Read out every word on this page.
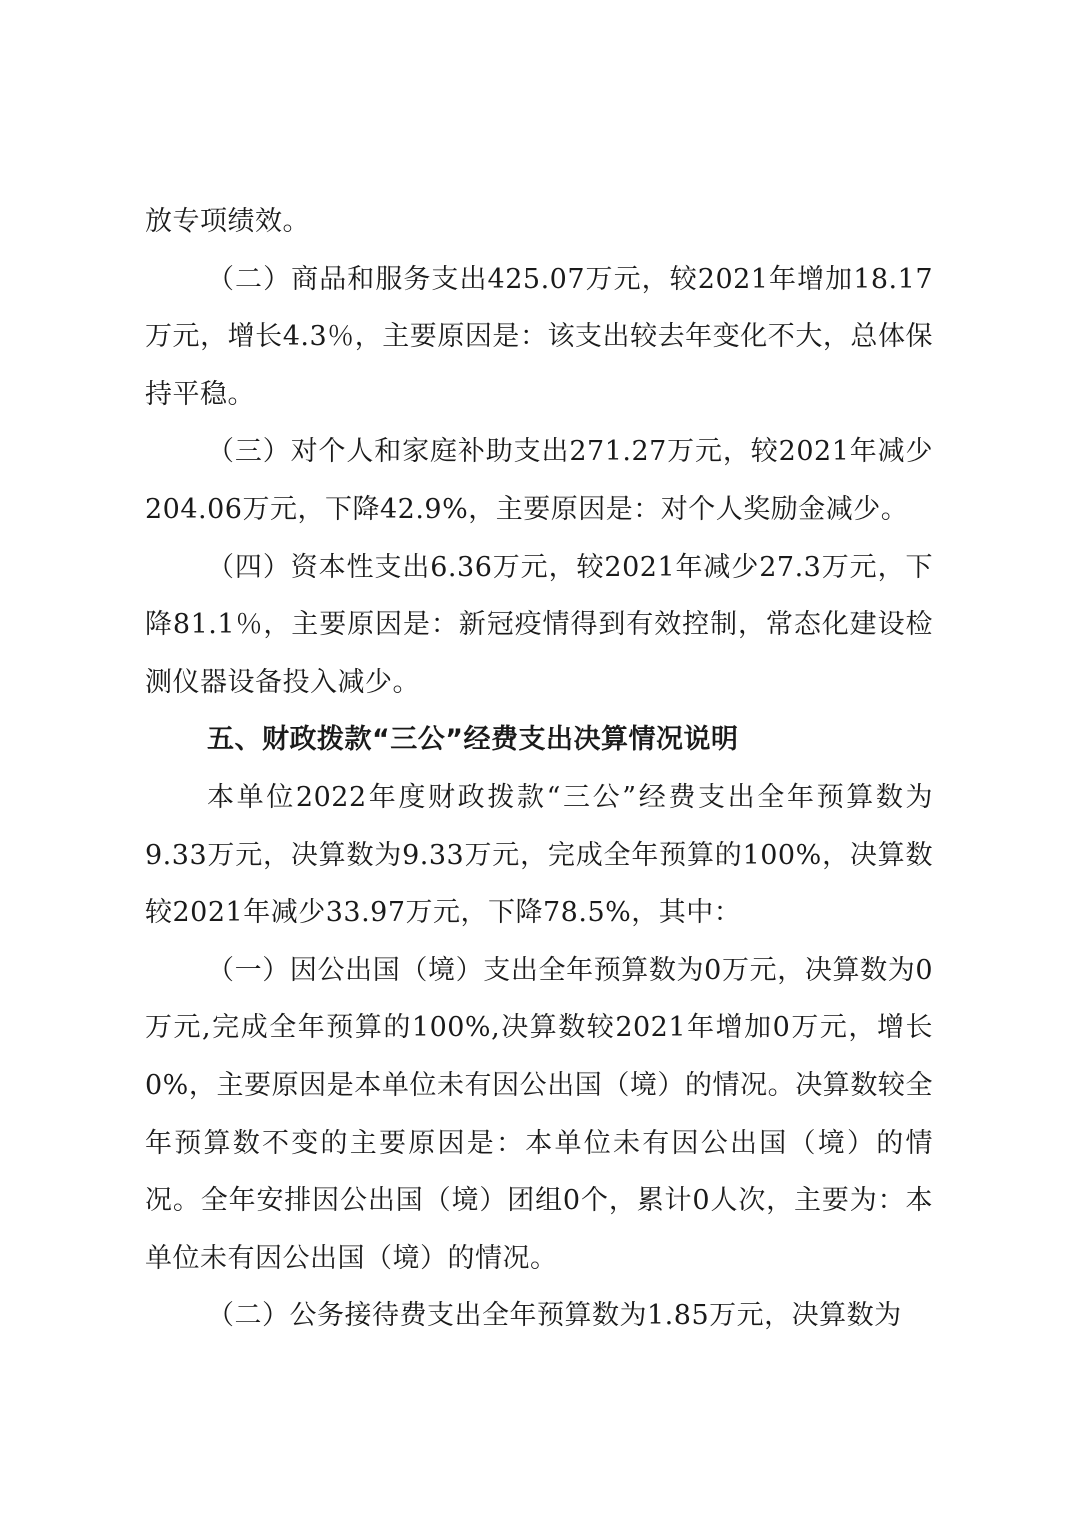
放专项绩效。

（二）商品和服务支出425.07万元，较2021年增加18.17万元，增长4.3％，主要原因是：该支出较去年变化不大，总体保持平稳。

（三）对个人和家庭补助支出271.27万元，较2021年减少204.06万元，下降42.9%，主要原因是：对个人奖励金减少。

（四）资本性支出6.36万元，较2021年减少27.3万元，下降81.1％，主要原因是：新冠疫情得到有效控制，常态化建设检测仪器设备投入减少。

五、财政拨款“三公”经费支出决算情况说明

本单位2022年度财政拨款“三公”经费支出全年预算数为9.33万元，决算数为9.33万元，完成全年预算的100%，决算数较2021年减少33.97万元，下降78.5%，其中：

（一）因公出国（境）支出全年预算数为0万元，决算数为0万元,完成全年预算的100%,决算数较2021年增加0万元，增长0%，主要原因是本单位未有因公出国（境）的情况。决算数较全年预算数不变的主要原因是：本单位未有因公出国（境）的情况。全年安排因公出国（境）团组0个，累计0人次，主要为：本单位未有因公出国（境）的情况。

（二）公务接待费支出全年预算数为1.85万元，决算数为
